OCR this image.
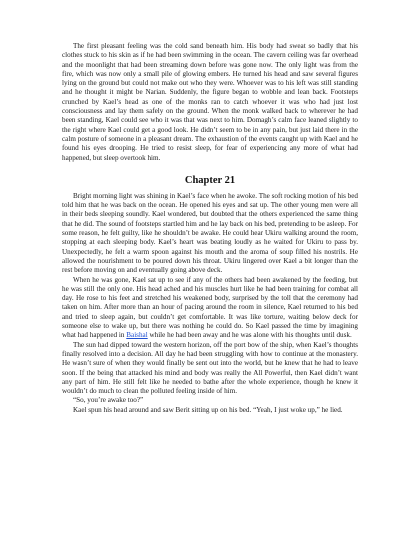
The first pleasant feeling was the cold sand beneath him. His body had sweat so badly that his clothes stuck to his skin as if he had been swimming in the ocean. The cavern ceiling was far overhead and the moonlight that had been streaming down before was gone now. The only light was from the fire, which was now only a small pile of glowing embers. He turned his head and saw several figures lying on the ground but could not make out who they were. Whoever was to his left was still standing and he thought it might be Narian. Suddenly, the figure began to wobble and lean back. Footsteps crunched by Kael’s head as one of the monks ran to catch whoever it was who had just lost consciousness and lay them safely on the ground. When the monk walked back to wherever he had been standing, Kael could see who it was that was next to him. Domagh’s calm face leaned slightly to the right where Kael could get a good look. He didn’t seem to be in any pain, but just laid there in the calm posture of someone in a pleasant dream. The exhaustion of the events caught up with Kael and he found his eyes drooping. He tried to resist sleep, for fear of experiencing any more of what had happened, but sleep overtook him.

Chapter 21

Bright morning light was shining in Kael’s face when he awoke. The soft rocking motion of his bed told him that he was back on the ocean. He opened his eyes and sat up. The other young men were all in their beds sleeping soundly. Kael wondered, but doubted that the others experienced the same thing that he did. The sound of footsteps startled him and he lay back on his bed, pretending to be asleep. For some reason, he felt guilty, like he shouldn’t be awake. He could hear Ukiru walking around the room, stopping at each sleeping body. Kael’s heart was beating loudly as he waited for Ukiru to pass by. Unexpectedly, he felt a warm spoon against his mouth and the aroma of soup filled his nostrils. He allowed the nourishment to be poured down his throat. Ukiru lingered over Kael a bit longer than the rest before moving on and eventually going above deck.

When he was gone, Kael sat up to see if any of the others had been awakened by the feeding, but he was still the only one. His head ached and his muscles hurt like he had been training for combat all day. He rose to his feet and stretched his weakened body, surprised by the toll that the ceremony had taken on him. After more than an hour of pacing around the room in silence, Kael returned to his bed and tried to sleep again, but couldn’t get comfortable. It was like torture, waiting below deck for someone else to wake up, but there was nothing he could do. So Kael passed the time by imagining what had happened in Baishal while he had been away and he was alone with his thoughts until dusk.

The sun had dipped toward the western horizon, off the port bow of the ship, when Kael’s thoughts finally resolved into a decision. All day he had been struggling with how to continue at the monastery. He wasn’t sure of when they would finally be sent out into the world, but he knew that he had to leave soon. If the being that attacked his mind and body was really the All Powerful, then Kael didn’t want any part of him. He still felt like he needed to bathe after the whole experience, though he knew it wouldn’t do much to clean the polluted feeling inside of him.

“So, you’re awake too?”

Kael spun his head around and saw Berit sitting up on his bed. “Yeah, I just woke up,” he lied.
